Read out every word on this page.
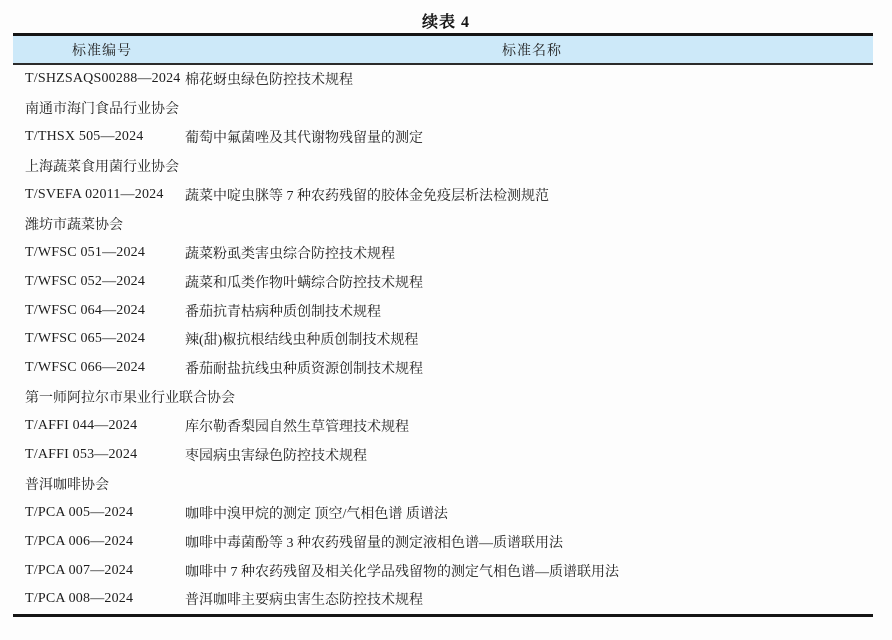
续表 4
标准编号	标准名称
T/SHZSAQS00288—2024 棉花蚜虫绿色防控技术规程
南通市海门食品行业协会
T/THSX 505—2024	葡萄中氟菌唑及其代谢物残留量的测定
上海蔬菜食用菌行业协会
T/SVEFA 02011—2024	蔬菜中啶虫脒等 7 种农药残留的胶体金免疫层析法检测规范
潍坊市蔬菜协会
T/WFSC 051—2024	蔬菜粉虱类害虫综合防控技术规程
T/WFSC 052—2024	蔬菜和瓜类作物叶螨综合防控技术规程
T/WFSC 064—2024	番茄抗青枯病种质创制技术规程
T/WFSC 065—2024	辣(甜)椒抗根结线虫种质创制技术规程
T/WFSC 066—2024	番茄耐盐抗线虫种质资源创制技术规程
第一师阿拉尔市果业行业联合协会
T/AFFI 044—2024	库尔勒香梨园自然生草管理技术规程
T/AFFI 053—2024	枣园病虫害绿色防控技术规程
普洱咖啡协会
T/PCA 005—2024	咖啡中溴甲烷的测定 顶空/气相色谱 质谱法
T/PCA 006—2024	咖啡中毒菌酚等 3 种农药残留量的测定液相色谱—质谱联用法
T/PCA 007—2024	咖啡中 7 种农药残留及相关化学品残留物的测定气相色谱—质谱联用法
T/PCA 008—2024	普洱咖啡主要病虫害生态防控技术规程
